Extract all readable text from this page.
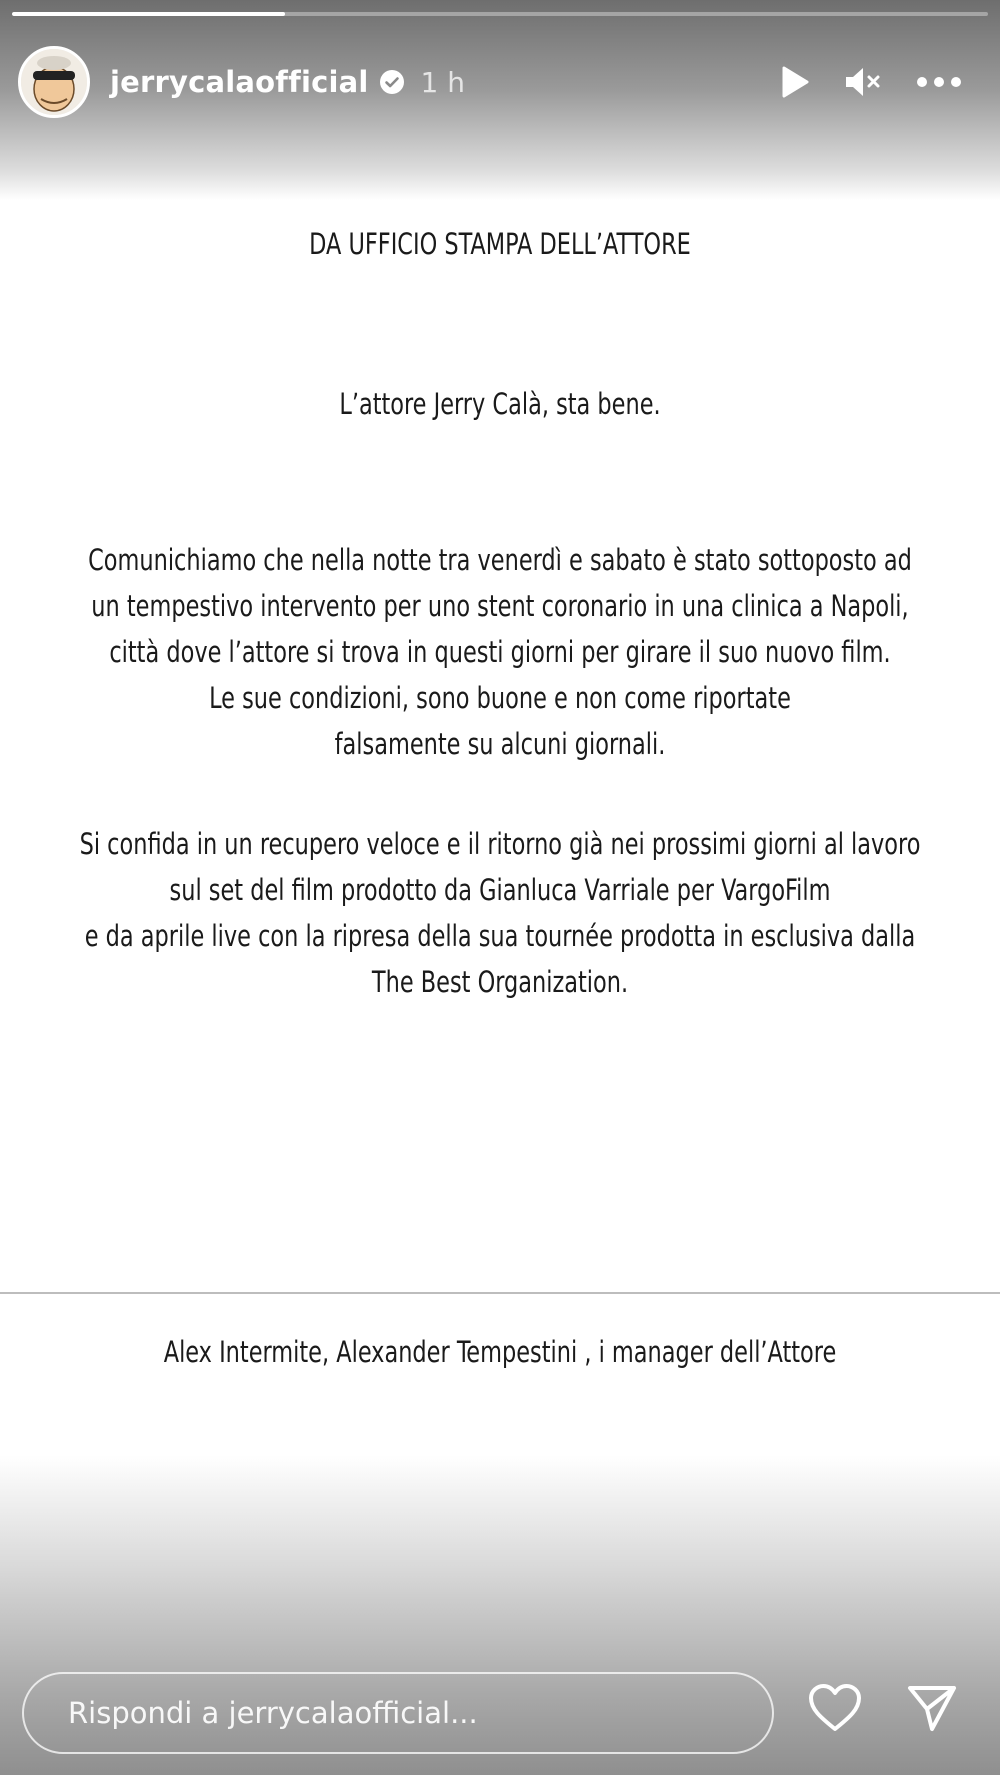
jerrycalaofficial 1 h
DA UFFICIO STAMPA DELL’ATTORE
L’attore Jerry Calà, sta bene.
Comunichiamo che nella notte tra venerdì e sabato è stato sottoposto ad
un tempestivo intervento per uno stent coronario in una clinica a Napoli,
città dove l’attore si trova in questi giorni per girare il suo nuovo film.
Le sue condizioni, sono buone e non come riportate
falsamente su alcuni giornali.
Si confida in un recupero veloce e il ritorno già nei prossimi giorni al lavoro
sul set del film prodotto da Gianluca Varriale per VargoFilm
e da aprile live con la ripresa della sua tournée prodotta in esclusiva dalla
The Best Organization.
Alex Intermite, Alexander Tempestini , i manager dell’Attore
Rispondi a jerrycalaofficial...
